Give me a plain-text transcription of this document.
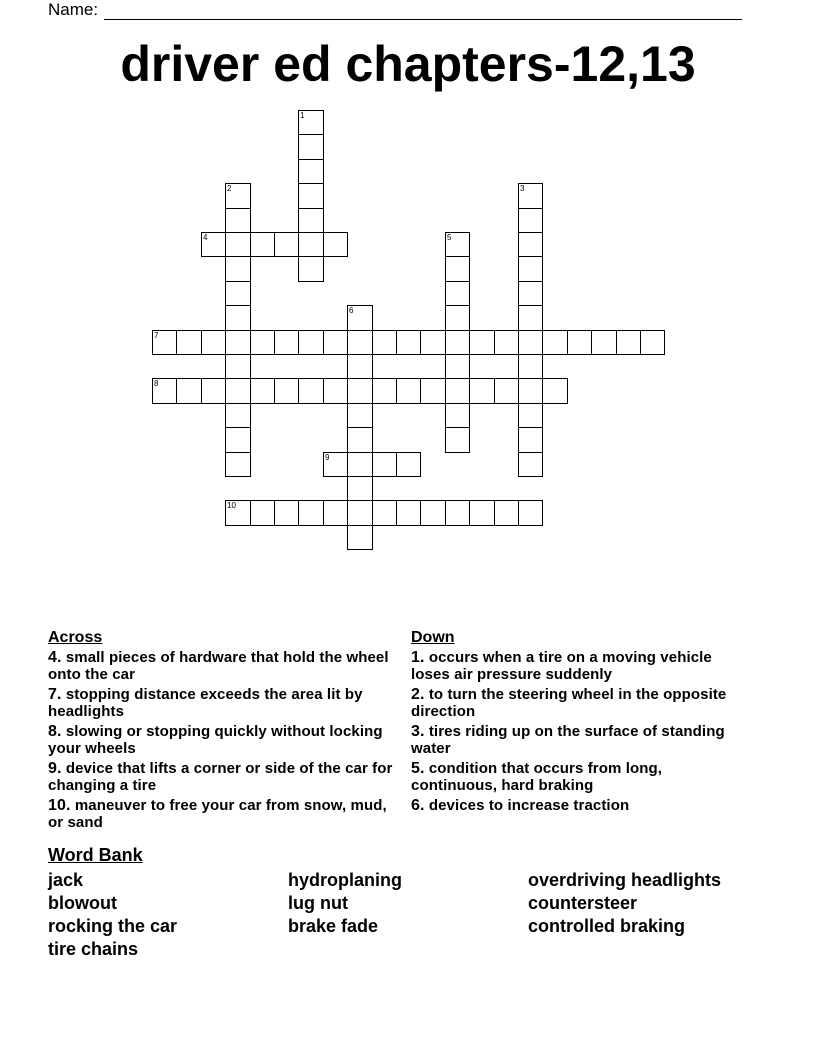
Name:
driver ed chapters-12,13
1
2	3
4	5
6
7
8
9
10
Across
4. small pieces of hardware that hold the wheel onto the car
7. stopping distance exceeds the area lit by headlights
8. slowing or stopping quickly without locking your wheels
9. device that lifts a corner or side of the car for changing a tire
10. maneuver to free your car from snow, mud, or sand
Down
1. occurs when a tire on a moving vehicle loses air pressure suddenly
2. to turn the steering wheel in the opposite direction
3. tires riding up on the surface of standing water
5. condition that occurs from long, continuous, hard braking
6. devices to increase traction
Word Bank
jack	hydroplaning	overdriving headlights
blowout	lug nut	countersteer
rocking the car	brake fade	controlled braking
tire chains
